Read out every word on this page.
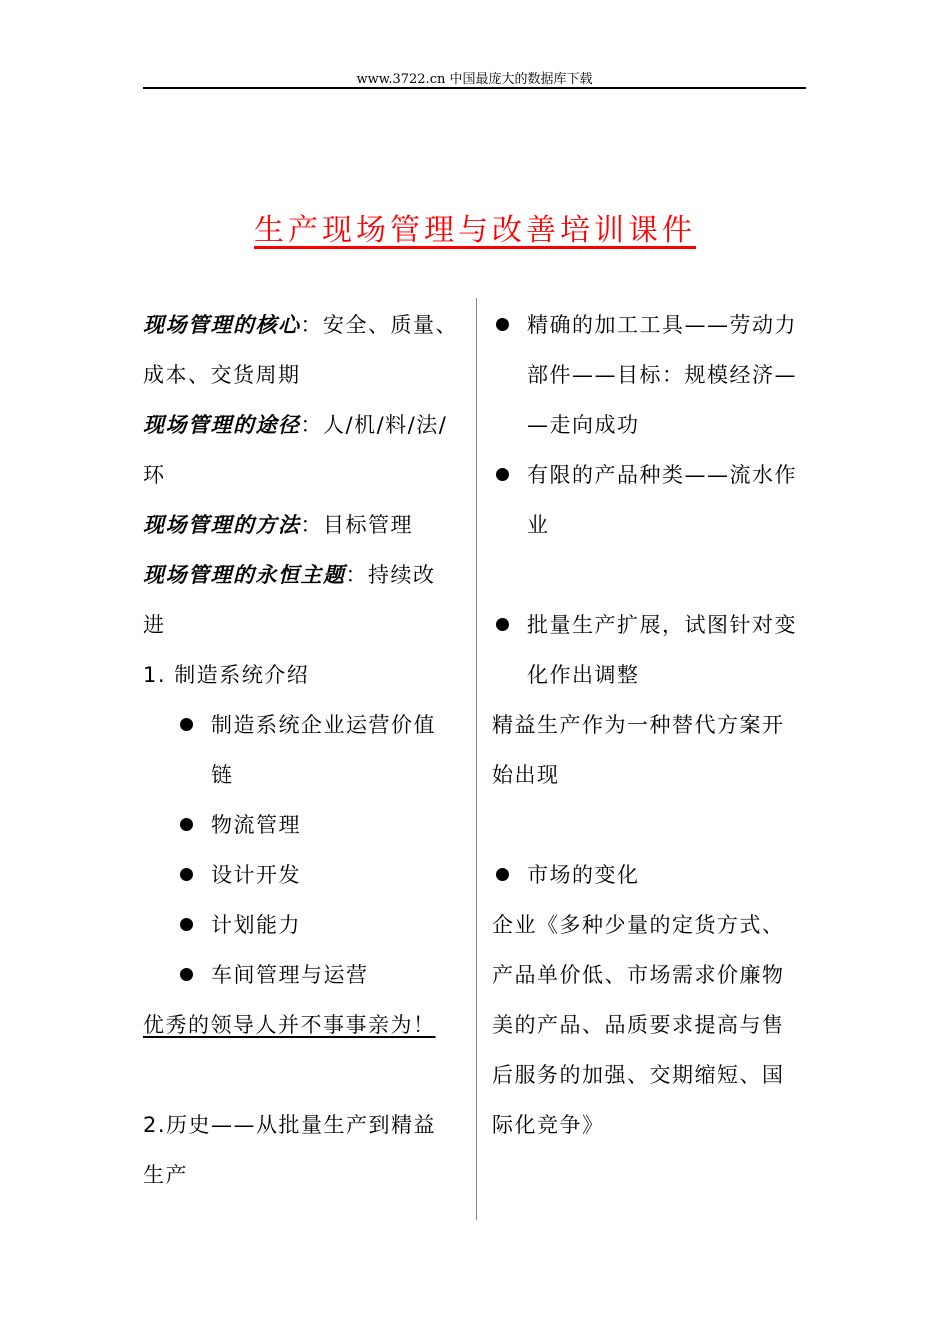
www.3722.cn 中国最庞大的数据库下载
生产现场管理与改善培训课件
现场管理的核心：安全、质量、
成本、交货周期
现场管理的途径：人/机/料/法/
环
现场管理的方法：目标管理
现场管理的永恒主题：持续改
进
1. 制造系统介绍
制造系统企业运营价值
链
物流管理
设计开发
计划能力
车间管理与运营
优秀的领导人并不事事亲为！
2.历史——从批量生产到精益
生产
精确的加工工具——劳动力
部件——目标：规模经济—
—走向成功
有限的产品种类——流水作
业
批量生产扩展，试图针对变
化作出调整
精益生产作为一种替代方案开
始出现
市场的变化
企业《多种少量的定货方式、
产品单价低、市场需求价廉物
美的产品、品质要求提高与售
后服务的加强、交期缩短、国
际化竞争》
